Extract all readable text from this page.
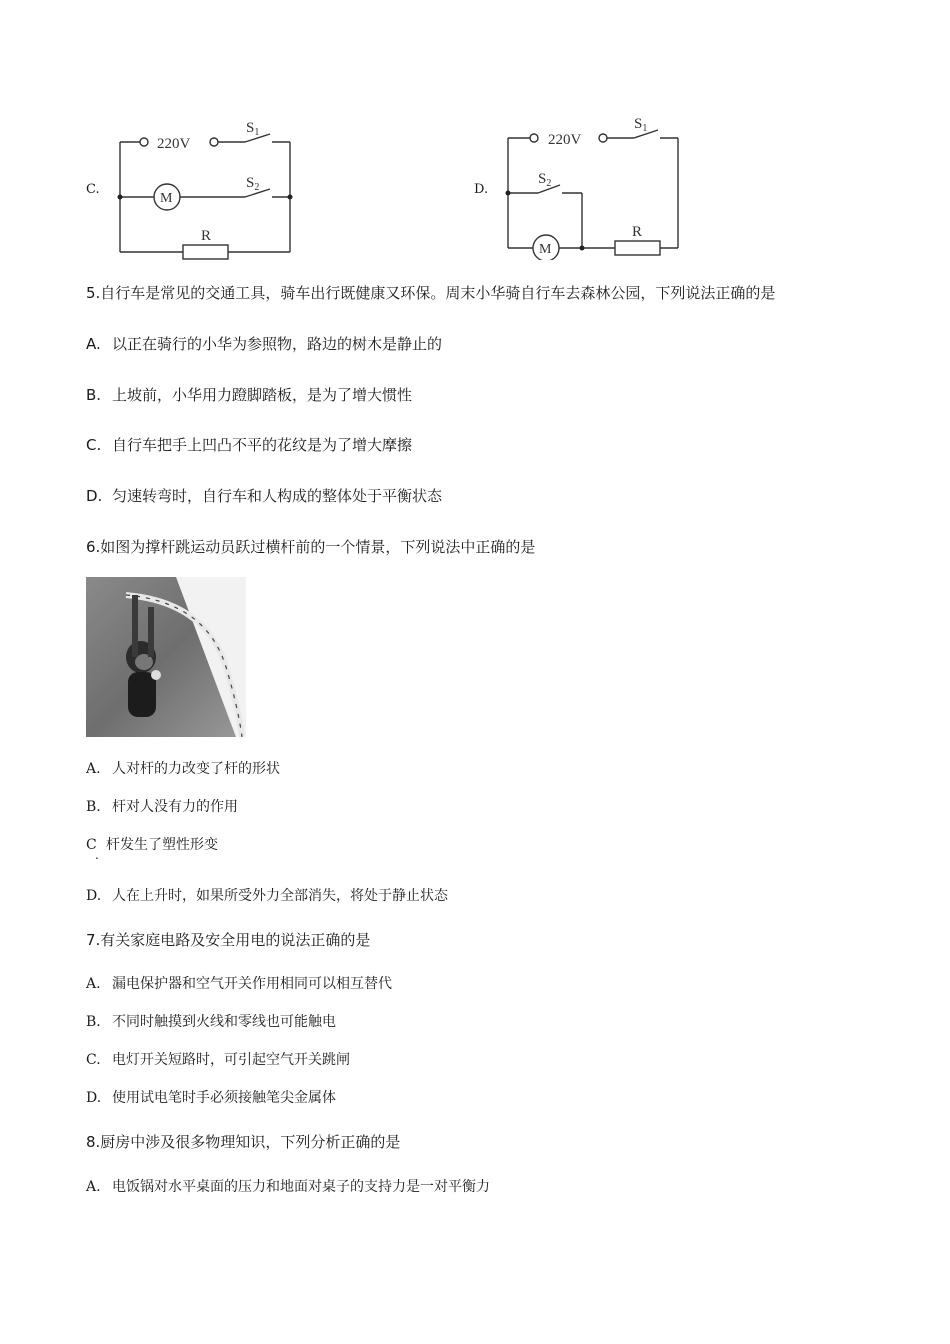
C.
220V
$S_1$
$S_2$
M
R
D.
220V
$S_1$
$S_2$
M
R
5.自行车是常见的交通工具，骑车出行既健康又环保。周末小华骑自行车去森林公园，下列说法正确的是
A. 以正在骑行的小华为参照物，路边的树木是静止的
B. 上坡前，小华用力蹬脚踏板，是为了增大惯性
C. 自行车把手上凹凸不平的花纹是为了增大摩擦
D. 匀速转弯时，自行车和人构成的整体处于平衡状态
6.如图为撑杆跳运动员跃过横杆前的一个情景，下列说法中正确的是
A. 人对杆的力改变了杆的形状
B. 杆对人没有力的作用
C 杆发生了塑性形变
.
D. 人在上升时，如果所受外力全部消失，将处于静止状态
7.有关家庭电路及安全用电的说法正确的是
A. 漏电保护器和空气开关作用相同可以相互替代
B. 不同时触摸到火线和零线也可能触电
C. 电灯开关短路时，可引起空气开关跳闸
D. 使用试电笔时手必须接触笔尖金属体
8.厨房中涉及很多物理知识，下列分析正确的是
A. 电饭锅对水平桌面的压力和地面对桌子的支持力是一对平衡力
